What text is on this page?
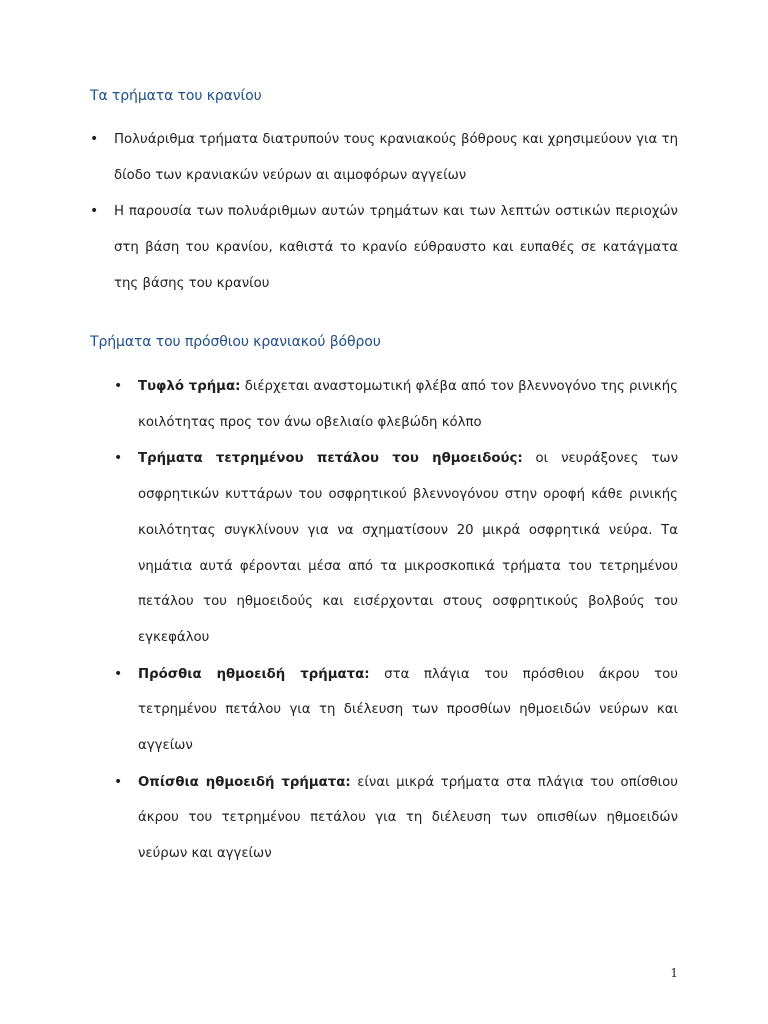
Τα τρήματα του κρανίου
• Πολυάριθμα τρήματα διατρυπούν τους κρανιακούς βόθρους και χρησιμεύουν για τη δίοδο των κρανιακών νεύρων αι αιμοφόρων αγγείων
• Η παρουσία των πολυάριθμων αυτών τρημάτων και των λεπτών οστικών περιοχών στη βάση του κρανίου, καθιστά το κρανίο εύθραυστο και ευπαθές σε κατάγματα της βάσης του κρανίου
Τρήματα του πρόσθιου κρανιακού βόθρου
• Τυφλό τρήμα: διέρχεται αναστομωτική φλέβα από τον βλεννογόνο της ρινικής κοιλότητας προς τον άνω οβελιαίο φλεβώδη κόλπο
• Τρήματα τετρημένου πετάλου του ηθμοειδούς: οι νευράξονες των οσφρητικών κυττάρων του οσφρητικού βλεννογόνου στην οροφή κάθε ρινικής κοιλότητας συγκλίνουν για να σχηματίσουν 20 μικρά οσφρητικά νεύρα. Τα νημάτια αυτά φέρονται μέσα από τα μικροσκοπικά τρήματα του τετρημένου πετάλου του ηθμοειδούς και εισέρχονται στους οσφρητικούς βολβούς του εγκεφάλου
• Πρόσθια ηθμοειδή τρήματα: στα πλάγια του πρόσθιου άκρου του τετρημένου πετάλου για τη διέλευση των προσθίων ηθμοειδών νεύρων και αγγείων
• Οπίσθια ηθμοειδή τρήματα: είναι μικρά τρήματα στα πλάγια του οπίσθιου άκρου του τετρημένου πετάλου για τη διέλευση των οπισθίων ηθμοειδών νεύρων και αγγείων
1
